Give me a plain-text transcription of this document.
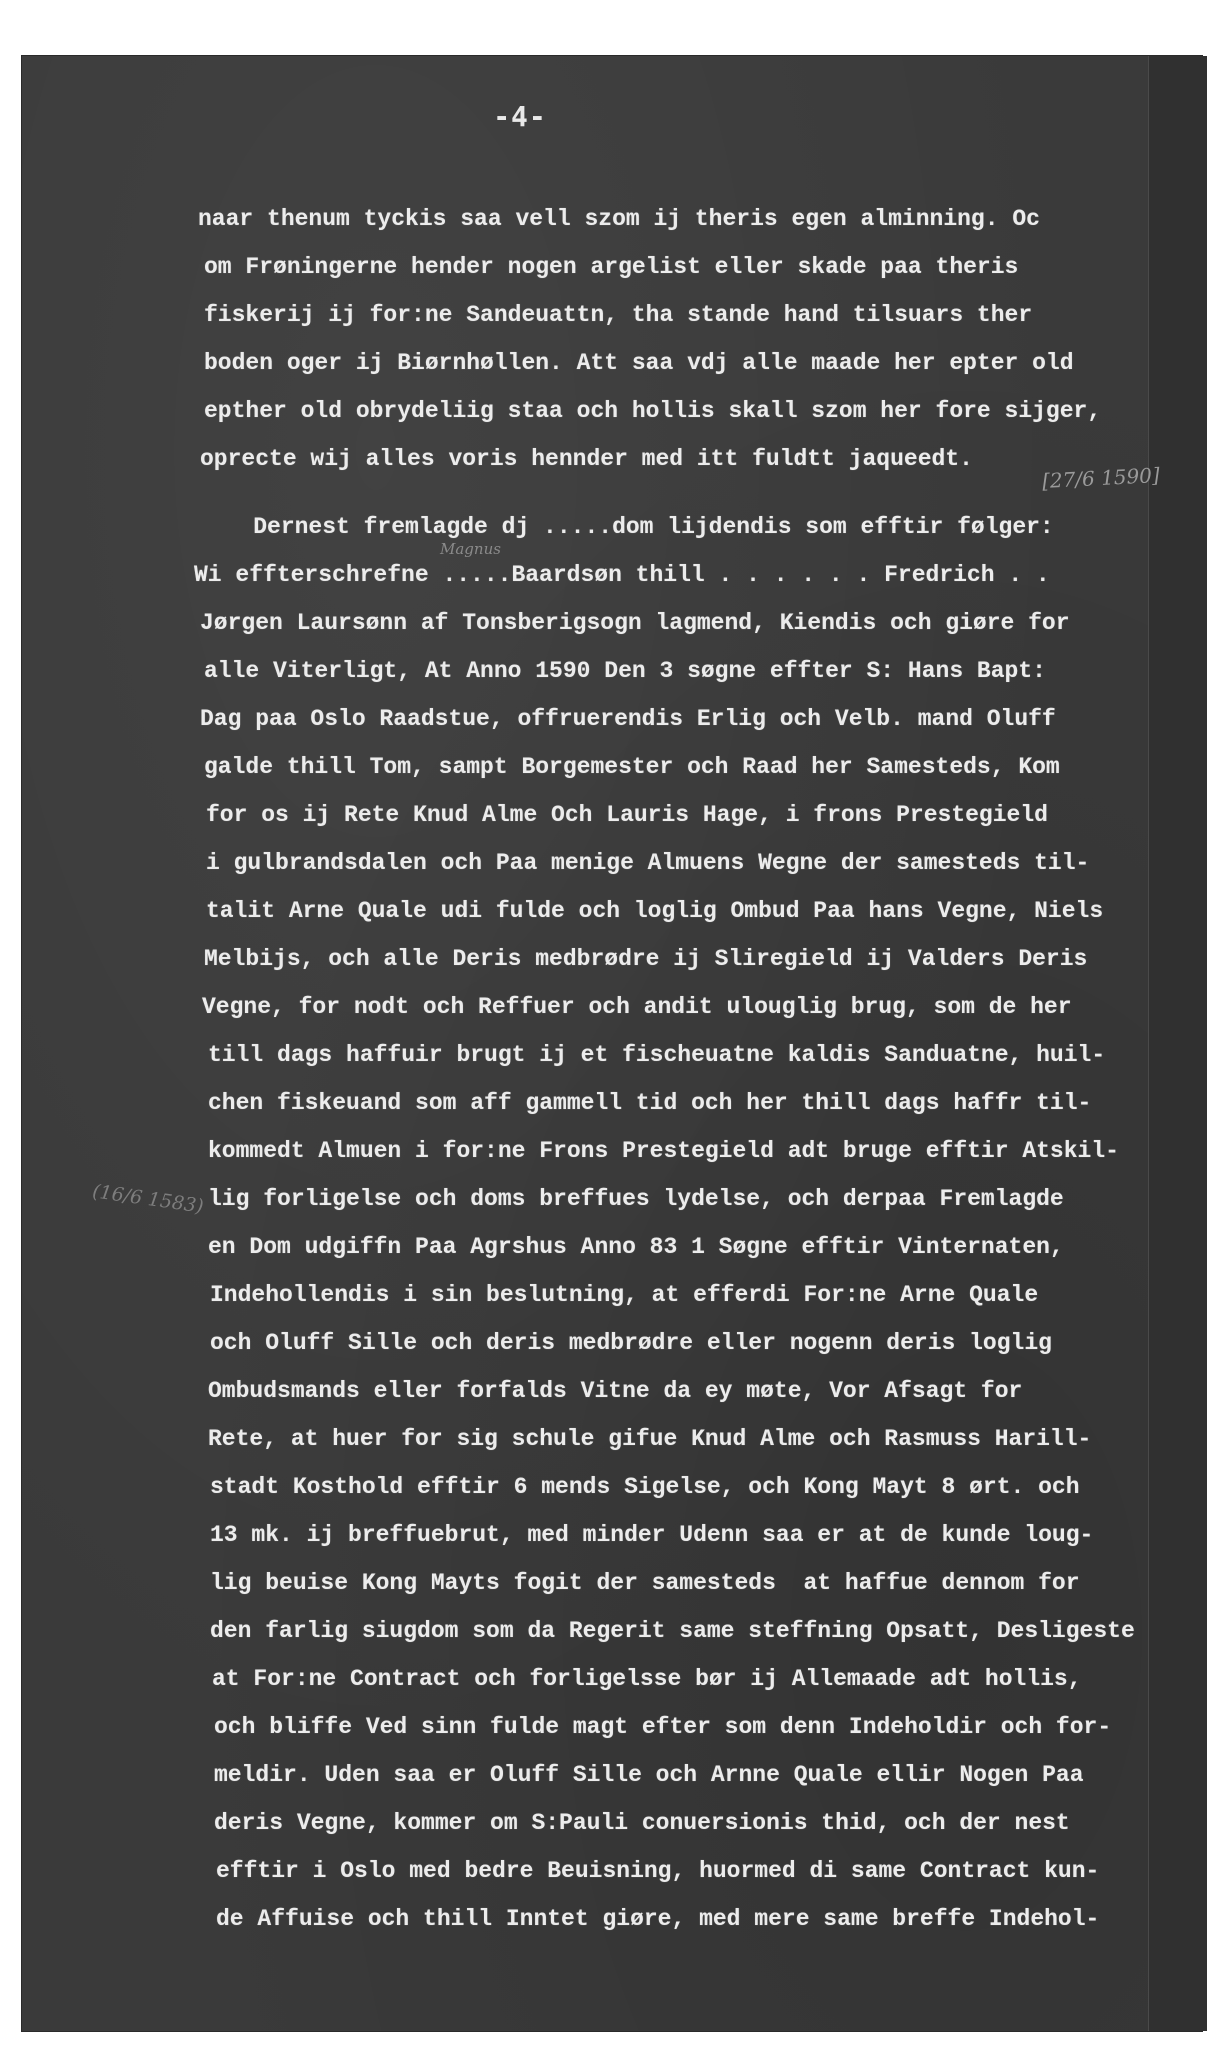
-4-
[27/6 1590]
(16/6 1583)
Magnus

naar thenum tyckis saa vell szom ij theris egen alminning. Oc

om Frøningerne hender nogen argelist eller skade paa theris

fiskerij ij for:ne Sandeuattn, tha stande hand tilsuars ther

boden oger ij Biørnhøllen. Att saa vdj alle maade her epter old

epther old obrydeliig staa och hollis skall szom her fore sijger,

oprecte wij alles voris hennder med itt fuldtt jaqueedt.

Dernest fremlagde dj .....dom lijdendis som efftir følger:

Wi effterschrefne .....Baardsøn thill . . . . . . Fredrich . .

Jørgen Laursønn af Tonsberigsogn lagmend, Kiendis och giøre for

alle Viterligt, At Anno 1590 Den 3 søgne effter S: Hans Bapt:

Dag paa Oslo Raadstue, offruerendis Erlig och Velb. mand Oluff

galde thill Tom, sampt Borgemester och Raad her Samesteds, Kom

for os ij Rete Knud Alme Och Lauris Hage, i frons Prestegield

i gulbrandsdalen och Paa menige Almuens Wegne der samesteds til-

talit Arne Quale udi fulde och loglig Ombud Paa hans Vegne, Niels

Melbijs, och alle Deris medbrødre ij Sliregield ij Valders Deris

Vegne, for nodt och Reffuer och andit ulouglig brug, som de her

till dags haffuir brugt ij et fischeuatne kaldis Sanduatne, huil-

chen fiskeuand som aff gammell tid och her thill dags haffr til-

kommedt Almuen i for:ne Frons Prestegield adt bruge efftir Atskil-

lig forligelse och doms breffues lydelse, och derpaa Fremlagde

en Dom udgiffn Paa Agrshus Anno 83 1 Søgne efftir Vinternaten,

Indehollendis i sin beslutning, at efferdi For:ne Arne Quale

och Oluff Sille och deris medbrødre eller nogenn deris loglig

Ombudsmands eller forfalds Vitne da ey møte, Vor Afsagt for

Rete, at huer for sig schule gifue Knud Alme och Rasmuss Harill-

stadt Kosthold efftir 6 mends Sigelse, och Kong Mayt 8 ørt. och

13 mk. ij breffuebrut, med minder Udenn saa er at de kunde loug-

lig beuise Kong Mayts fogit der samesteds  at haffue dennom for

den farlig siugdom som da Regerit same steffning Opsatt, Desligeste

at For:ne Contract och forligelsse bør ij Allemaade adt hollis,

och bliffe Ved sinn fulde magt efter som denn Indeholdir och for-

meldir. Uden saa er Oluff Sille och Arnne Quale ellir Nogen Paa

deris Vegne, kommer om S:Pauli conuersionis thid, och der nest

efftir i Oslo med bedre Beuisning, huormed di same Contract kun-

de Affuise och thill Inntet giøre, med mere same breffe Indehol-
